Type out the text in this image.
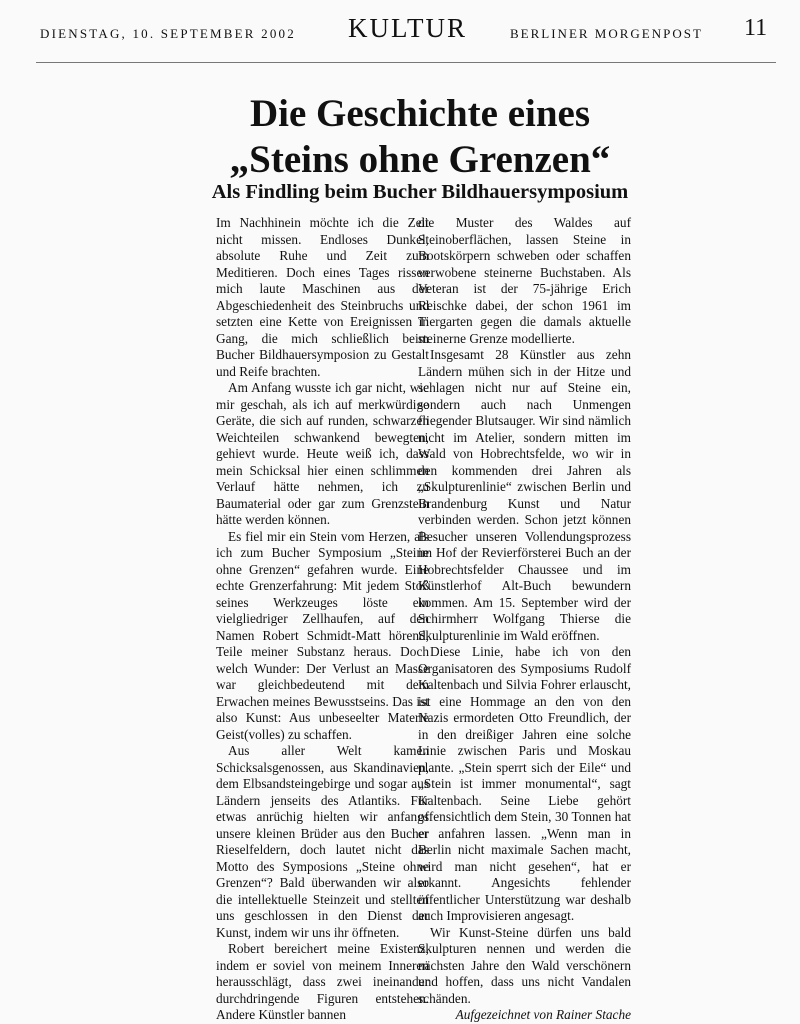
DIENSTAG, 10. SEPTEMBER 2002 KULTUR	BERLINER MORGENPOST 11
Die Geschichte eines
„Steins ohne Grenzen“
Als Findling beim Bucher Bildhauersymposium

Im Nachhinein möchte ich die Zeit nicht missen. Endloses Dunkel, absolute Ruhe und Zeit zum Meditieren. Doch eines Tages rissen mich laute Maschinen aus der Abgeschiedenheit des Steinbruchs und setzten eine Kette von Ereignissen in Gang, die mich schließlich beim Bucher Bildhauersymposion zu Gestalt und Reife brachten.

Am Anfang wusste ich gar nicht, wie mir geschah, als ich auf merkwürdige Geräte, die sich auf runden, schwarzen Weichteilen schwankend bewegten, gehievt wurde. Heute weiß ich, dass mein Schicksal hier einen schlimmen Verlauf hätte nehmen, ich zu Baumaterial oder gar zum Grenzstein hätte werden können.

Es fiel mir ein Stein vom Herzen, als ich zum Bucher Symposium „Steine ohne Grenzen“ gefahren wurde. Eine echte Grenzerfahrung: Mit jedem Stoß seines Werkzeuges löste ein vielgliedriger Zellhaufen, auf den Namen Robert Schmidt-Matt hörend, Teile meiner Substanz heraus. Doch welch Wunder: Der Verlust an Masse war gleichbedeutend mit dem Erwachen meines Bewusstseins. Das ist also Kunst: Aus unbeseelter Materie Geist(volles) zu schaffen.

Aus aller Welt kamen Schicksalsgenossen, aus Skandinavien, dem Elbsandsteingebirge und sogar aus Ländern jenseits des Atlantiks. Für etwas anrüchig hielten wir anfangs unsere kleinen Brüder aus den Bucher Rieselfeldern, doch lautet nicht das Motto des Symposions „Steine ohne Grenzen“? Bald überwanden wir also die intellektuelle Steinzeit und stellten uns geschlossen in den Dienst der Kunst, indem wir uns ihr öffneten.

Robert bereichert meine Existenz, indem er soviel von meinem Inneren herausschlägt, dass zwei ineinander durchdringende Figuren entstehen. Andere Künstler bannen

die Muster des Waldes auf Steinoberflächen, lassen Steine in Bootskörpern schweben oder schaffen verwobene steinerne Buchstaben. Als Veteran ist der 75-jährige Erich Reischke dabei, der schon 1961 im Tiergarten gegen die damals aktuelle steinerne Grenze modellierte.

Insgesamt 28 Künstler aus zehn Ländern mühen sich in der Hitze und schlagen nicht nur auf Steine ein, sondern auch nach Unmengen fliegender Blutsauger. Wir sind nämlich nicht im Atelier, sondern mitten im Wald von Hobrechtsfelde, wo wir in den kommenden drei Jahren als „Skulpturenlinie“ zwischen Berlin und Brandenburg Kunst und Natur verbinden werden. Schon jetzt können Besucher unseren Vollendungsprozess im Hof der Revierförsterei Buch an der Hobrechtsfelder Chaussee und im Künstlerhof Alt-Buch bewundern kommen. Am 15. September wird der Schirmherr Wolfgang Thierse die Skulpturenlinie im Wald eröffnen.

Diese Linie, habe ich von den Organisatoren des Symposiums Rudolf Kaltenbach und Silvia Fohrer erlauscht, ist eine Hommage an den von den Nazis ermordeten Otto Freundlich, der in den dreißiger Jahren eine solche Linie zwischen Paris und Moskau plante. „Stein sperrt sich der Eile“ und „Stein ist immer monumental“, sagt Kaltenbach. Seine Liebe gehört offensichtlich dem Stein, 30 Tonnen hat er anfahren lassen. „Wenn man in Berlin nicht maximale Sachen macht, wird man nicht gesehen“, hat er erkannt. Angesichts fehlender öffentlicher Unterstützung war deshalb auch Improvisieren angesagt.

Wir Kunst-Steine dürfen uns bald Skulpturen nennen und werden die nächsten Jahre den Wald verschönern und hoffen, dass uns nicht Vandalen schänden.

Aufgezeichnet von Rainer Stache
